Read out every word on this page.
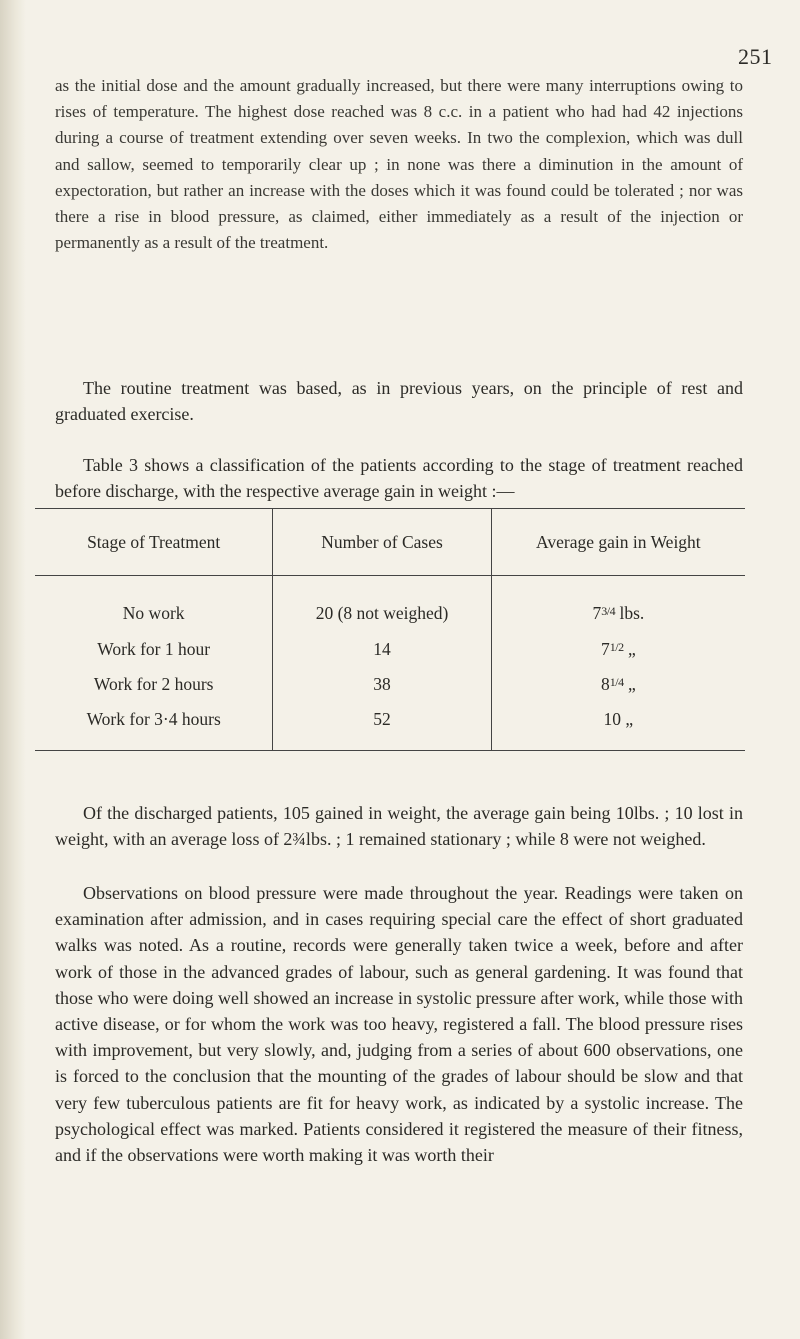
251

as the initial dose and the amount gradually increased, but there were many interruptions owing to rises of temperature. The highest dose reached was 8 c.c. in a patient who had had 42 injections during a course of treatment extending over seven weeks. In two the complexion, which was dull and sallow, seemed to temporarily clear up ; in none was there a diminution in the amount of expectoration, but rather an increase with the doses which it was found could be tolerated ; nor was there a rise in blood pressure, as claimed, either immediately as a result of the injection or permanently as a result of the treatment.

The routine treatment was based, as in previous years, on the principle of rest and graduated exercise.

Table 3 shows a classification of the patients according to the stage of treatment reached before discharge, with the respective average gain in weight :—

Stage of Treatment	Number of Cases	Average gain in Weight
No work	20 (8 not weighed)	$7^{3/4}$ lbs.
Work for 1 hour	14	$7^{1/2}$ „
Work for 2 hours	38	$8^{1/4}$ „
Work for 3·4 hours	52	10 „

Of the discharged patients, 105 gained in weight, the average gain being 10lbs. ; 10 lost in weight, with an average loss of 2¾lbs. ; 1 remained stationary ; while 8 were not weighed.

Observations on blood pressure were made throughout the year. Readings were taken on examination after admission, and in cases requiring special care the effect of short graduated walks was noted. As a routine, records were generally taken twice a week, before and after work of those in the advanced grades of labour, such as general gardening. It was found that those who were doing well showed an increase in systolic pressure after work, while those with active disease, or for whom the work was too heavy, registered a fall. The blood pressure rises with improvement, but very slowly, and, judging from a series of about 600 observations, one is forced to the conclusion that the mounting of the grades of labour should be slow and that very few tuberculous patients are fit for heavy work, as indicated by a systolic increase. The psychological effect was marked. Patients considered it registered the measure of their fitness, and if the observations were worth making it was worth their
